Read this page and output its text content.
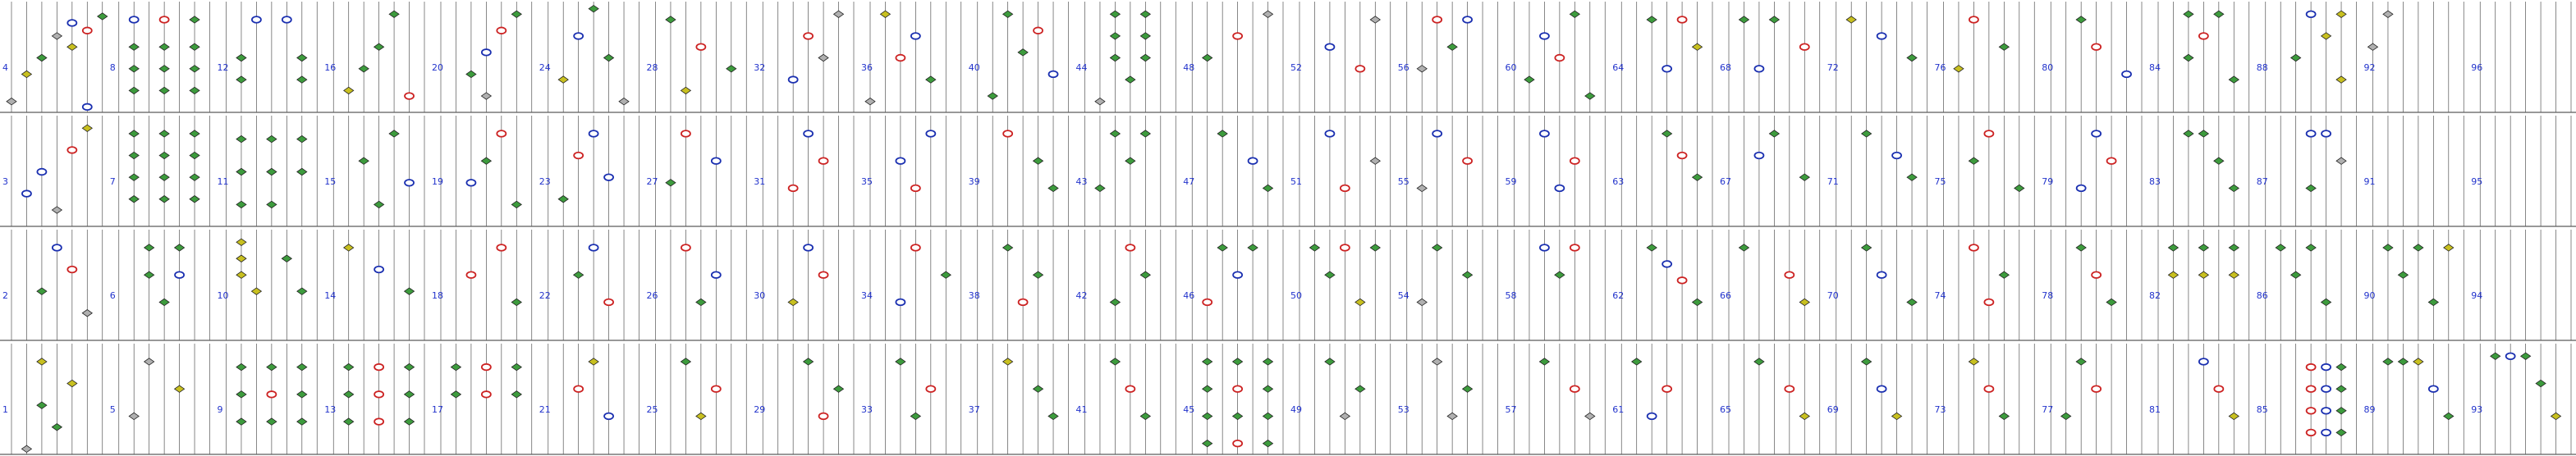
4	8	12	16	20	24	28	32	36	40	44	48	52	56	60	64	68	72	76	80	84	88	92	96
3	7	11	15	19	23	27	31	35	39	43	47	51	55	59	63	67	71	75	79	83	87	91	95
2	6	10	14	18	22	26	30	34	38	42	46	50	54	58	62	66	70	74	78	82	86	90	94
1	5	9	13	17	21	25	29	33	37	41	45	49	53	57	61	65	69	73	77	81	85	89	93
